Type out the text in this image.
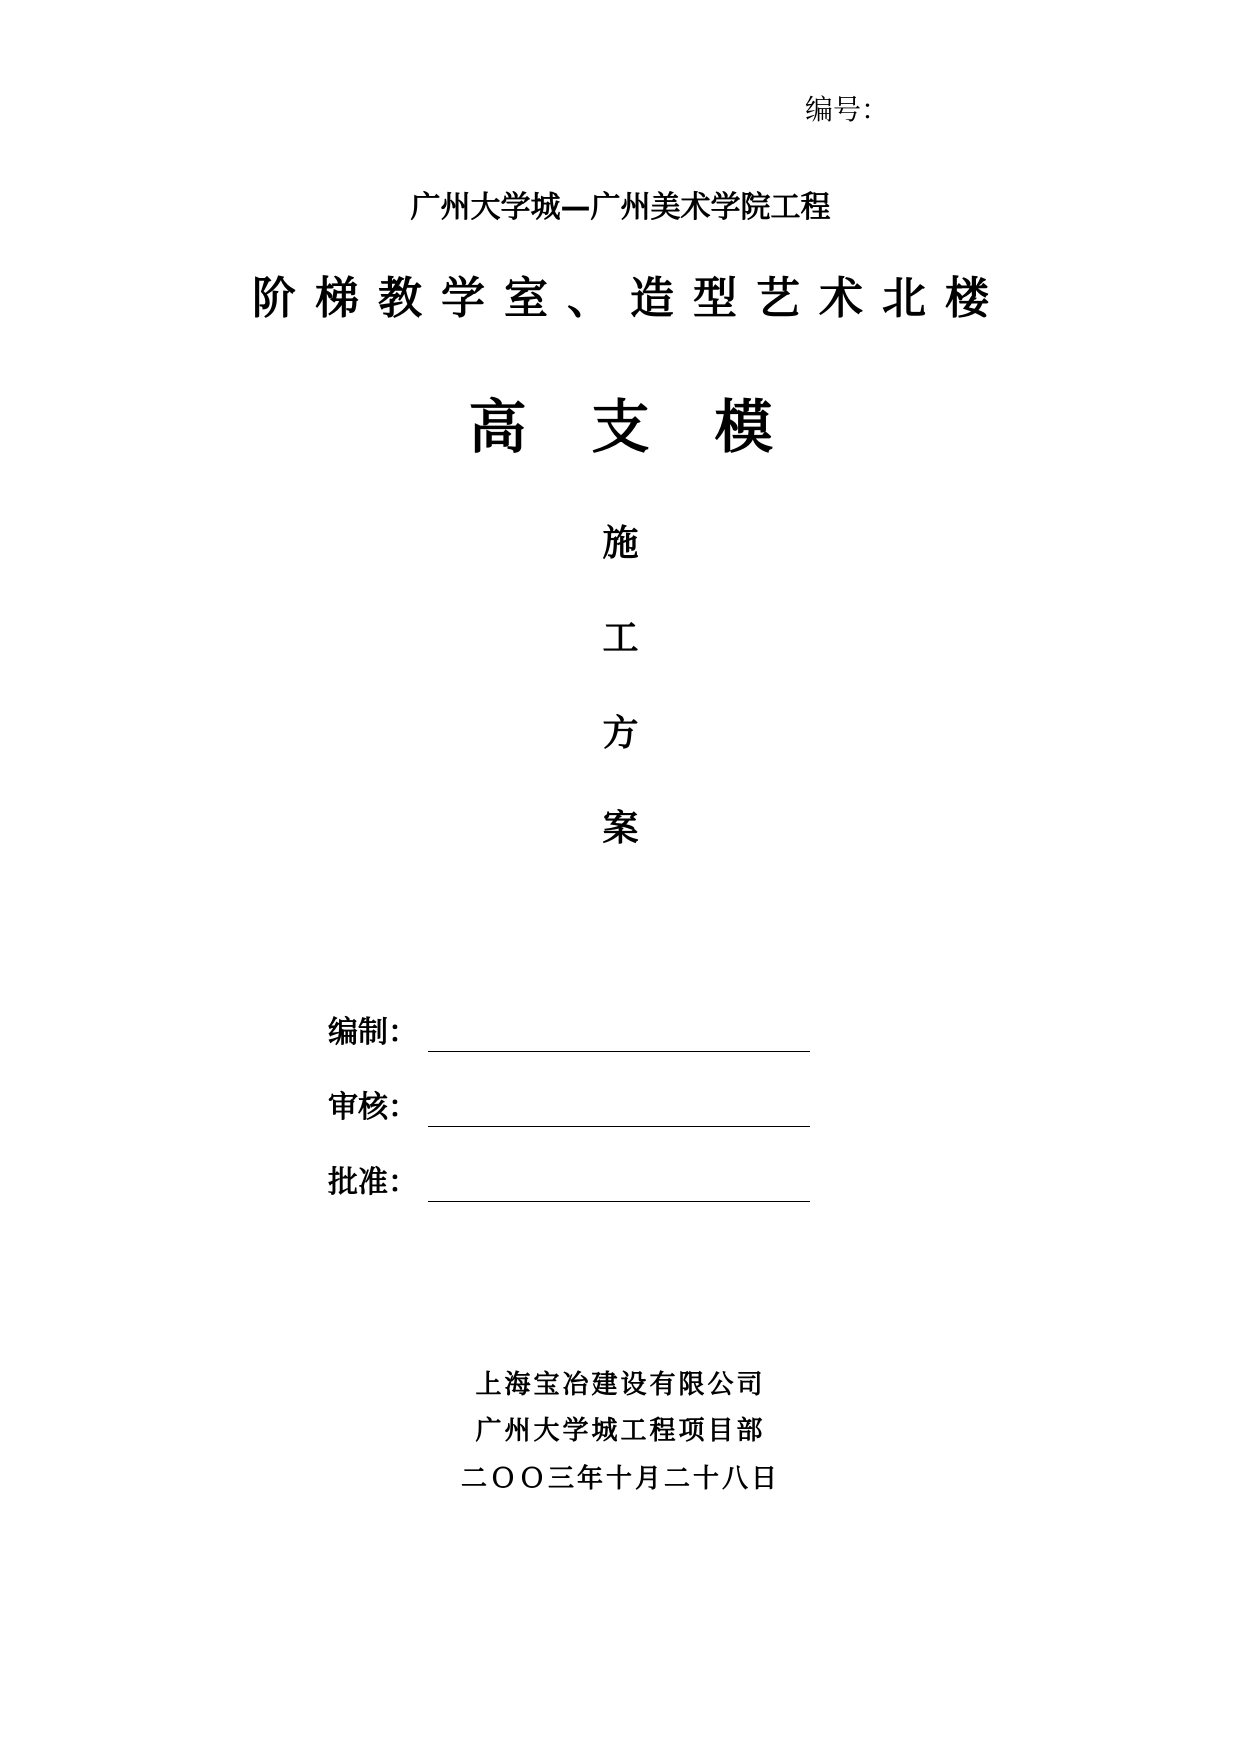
编号：
广州大学城—广州美术学院工程
阶梯教学室、造型艺术北楼
高支模
施
工
方
案
编制：
审核：
批准：
上海宝冶建设有限公司
广州大学城工程项目部
二ＯＯ三年十月二十八日
